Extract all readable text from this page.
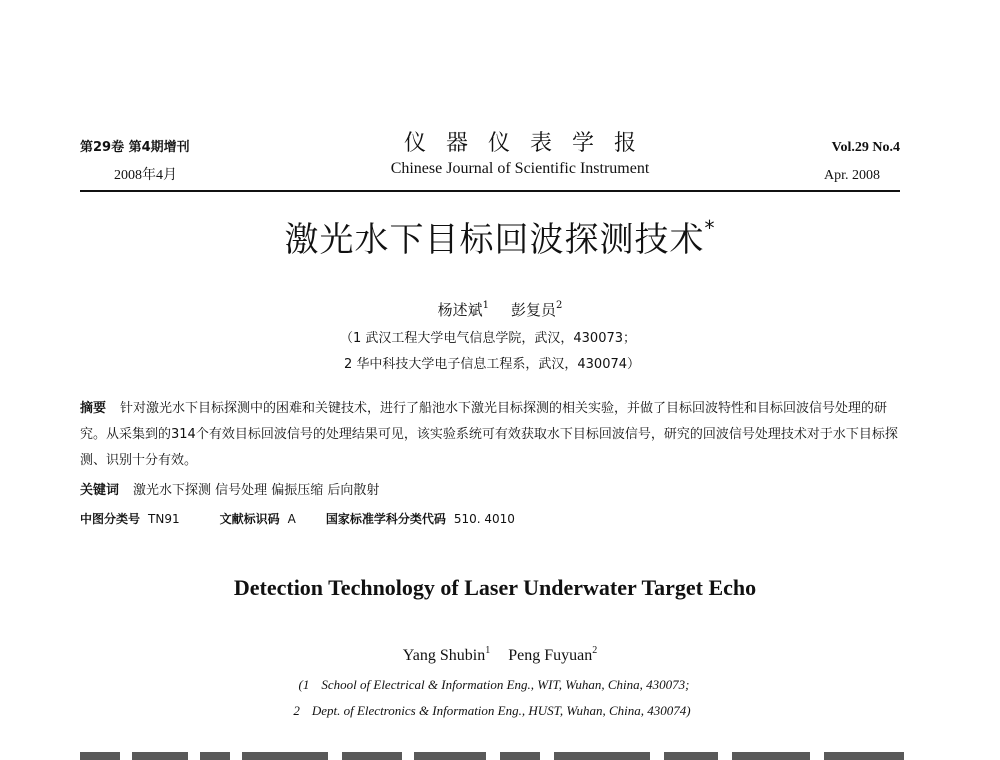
第29卷 第4期增刊
2008年4月
仪器仪表学报
Chinese Journal of Scientific Instrument
Vol.29 No.4
Apr. 2008
激光水下目标回波探测技术*
杨述斌$^1$ 彭复员$^2$
（1 武汉工程大学电气信息学院，武汉，430073；
2 华中科技大学电子信息工程系，武汉，430074）

摘要 针对激光水下目标探测中的困难和关键技术，进行了船池水下激光目标探测的相关实验，并做了目标回波特性和目标回波信号处理的研究。从采集到的314个有效目标回波信号的处理结果可见，该实验系统可有效获取水下目标回波信号，研究的回波信号处理技术对于水下目标探测、识别十分有效。

关键词 激光水下探测 信号处理 偏振压缩 后向散射
中图分类号 TN91	文献标识码 A	国家标准学科分类代码 510. 4010
Detection Technology of Laser Underwater Target Echo
Yang Shubin$^1$ Peng Fuyuan$^2$
(1 School of Electrical & Information Eng., WIT, Wuhan, China, 430073;
2 Dept. of Electronics & Information Eng., HUST, Wuhan, China, 430074)
